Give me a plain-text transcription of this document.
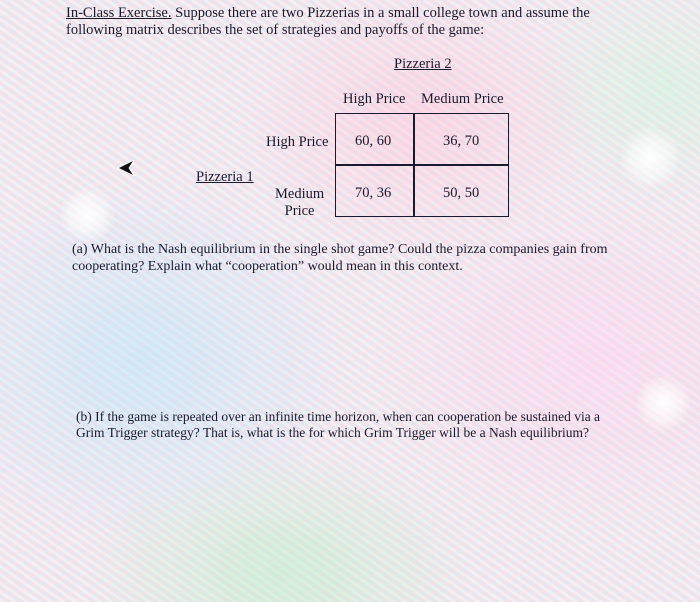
In-Class Exercise. Suppose there are two Pizzerias in a small college town and assume the
following matrix describes the set of strategies and payoffs of the game:
Pizzeria 2
High Price Medium Price
Pizzeria 1
High Price
Medium
Price
60, 60	36, 70
70, 36	50, 50
(a) What is the Nash equilibrium in the single shot game? Could the pizza companies gain from
cooperating? Explain what “cooperation” would mean in this context.
(b) If the game is repeated over an infinite time horizon, when can cooperation be sustained via a
Grim Trigger strategy? That is, what is the for which Grim Trigger will be a Nash equilibrium?
